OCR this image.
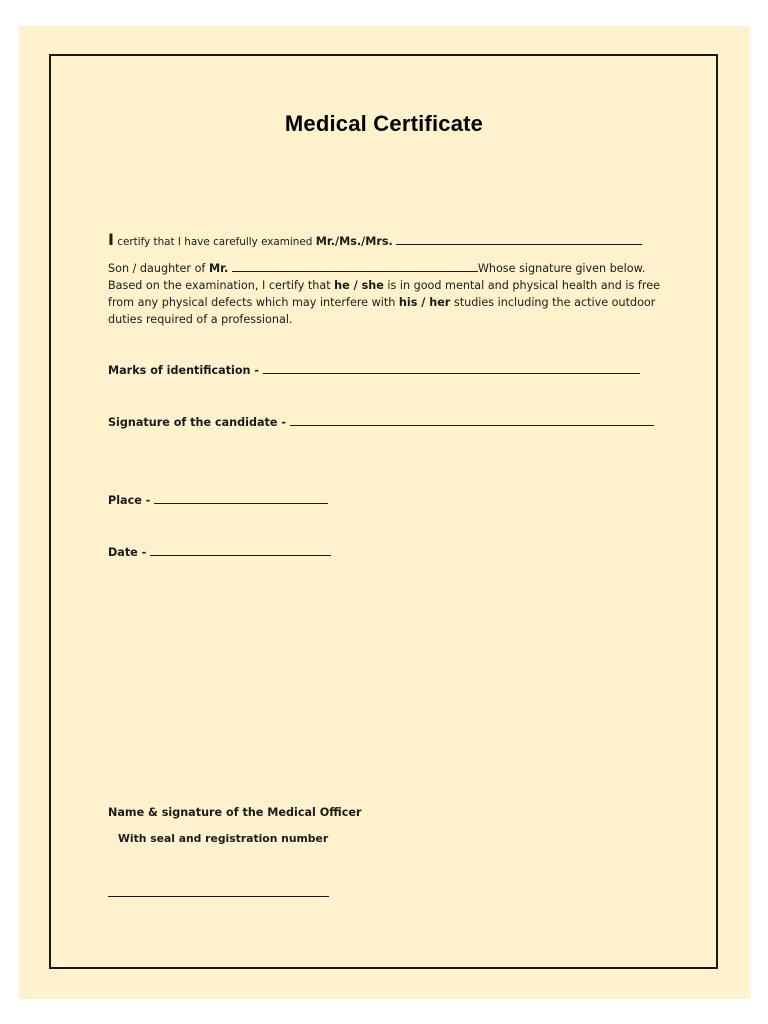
Medical Certificate
I certify that I have carefully examined Mr./Ms./Mrs.
Son / daughter of Mr.	Whose signature given below.
Based on the examination, I certify that he / she is in good mental and physical health and is free
from any physical defects which may interfere with his / her studies including the active outdoor
duties required of a professional.
Marks of identification -
Signature of the candidate -
Place -
Date -
Name & signature of the Medical Officer
With seal and registration number
